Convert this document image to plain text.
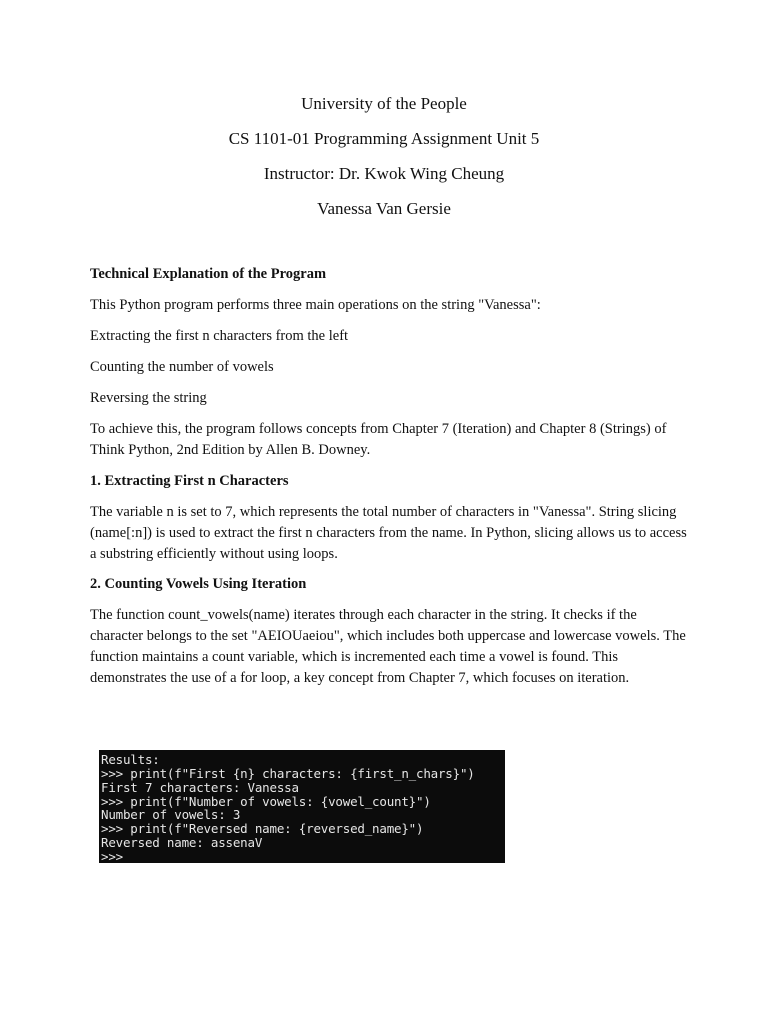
University of the People

CS 1101-01 Programming Assignment Unit 5

Instructor: Dr. Kwok Wing Cheung

Vanessa Van Gersie

Technical Explanation of the Program

This Python program performs three main operations on the string "Vanessa":

Extracting the first n characters from the left

Counting the number of vowels

Reversing the string

To achieve this, the program follows concepts from Chapter 7 (Iteration) and Chapter 8 (Strings) of Think Python, 2nd Edition by Allen B. Downey.

1. Extracting First n Characters

The variable n is set to 7, which represents the total number of characters in "Vanessa". String slicing (name[:n]) is used to extract the first n characters from the name. In Python, slicing allows us to access a substring efficiently without using loops.

2. Counting Vowels Using Iteration

The function count_vowels(name) iterates through each character in the string. It checks if the character belongs to the set "AEIOUaeiou", which includes both uppercase and lowercase vowels. The function maintains a count variable, which is incremented each time a vowel is found. This demonstrates the use of a for loop, a key concept from Chapter 7, which focuses on iteration.

Results:

>>> print(f"First {n} characters: {first_n_chars}")

First 7 characters: Vanessa

>>> print(f"Number of vowels: {vowel_count}")

Number of vowels: 3

>>> print(f"Reversed name: {reversed_name}")

Reversed name: assenaV

>>>
